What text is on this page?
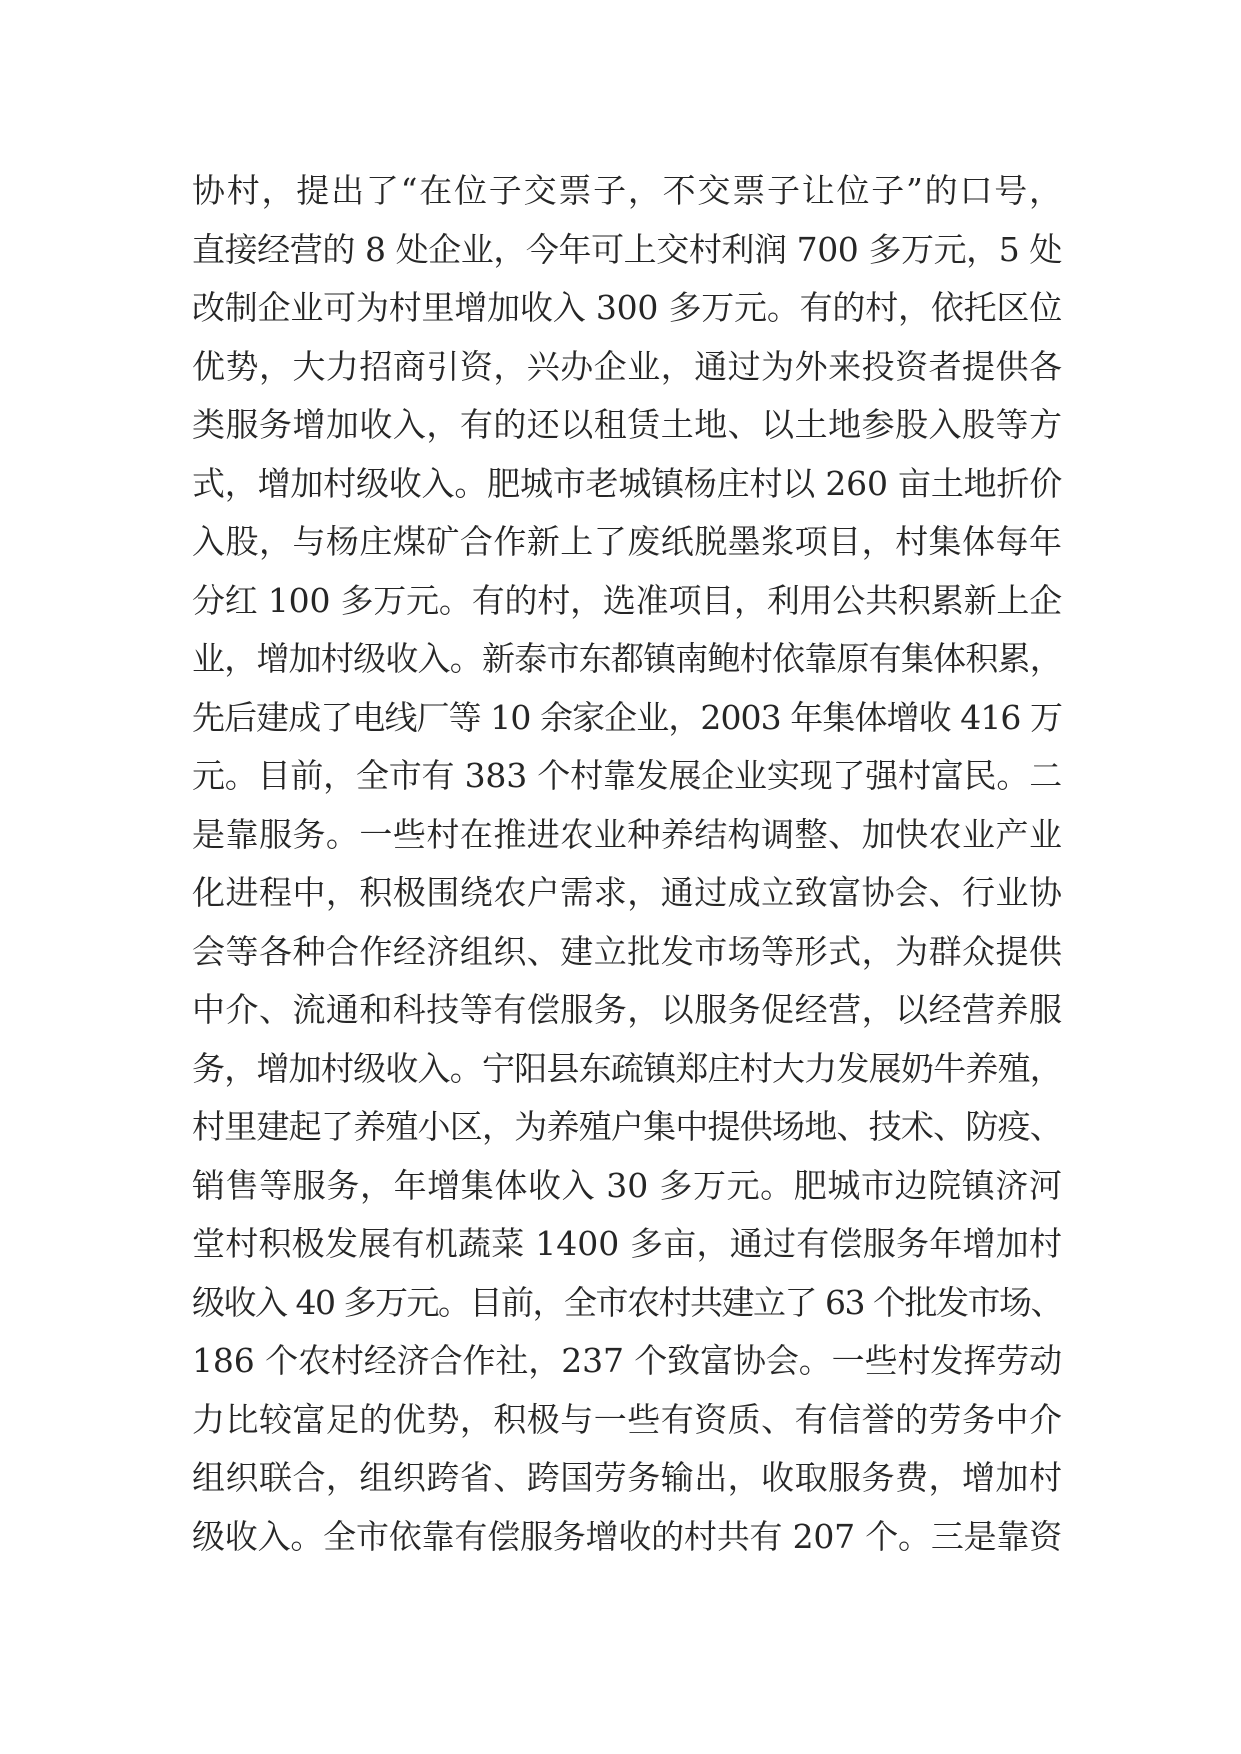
协村，提出了“在位子交票子，不交票子让位子”的口号，
直接经营的 8 处企业，今年可上交村利润 700 多万元，5 处
改制企业可为村里增加收入 300 多万元。有的村，依托区位
优势，大力招商引资，兴办企业，通过为外来投资者提供各
类服务增加收入，有的还以租赁土地、以土地参股入股等方
式，增加村级收入。肥城市老城镇杨庄村以 260 亩土地折价
入股，与杨庄煤矿合作新上了废纸脱墨浆项目，村集体每年
分红 100 多万元。有的村，选准项目，利用公共积累新上企
业，增加村级收入。新泰市东都镇南鲍村依靠原有集体积累，
先后建成了电线厂等 10 余家企业，2003 年集体增收 416 万
元。目前，全市有 383 个村靠发展企业实现了强村富民。二
是靠服务。一些村在推进农业种养结构调整、加快农业产业
化进程中，积极围绕农户需求，通过成立致富协会、行业协
会等各种合作经济组织、建立批发市场等形式，为群众提供
中介、流通和科技等有偿服务，以服务促经营，以经营养服
务，增加村级收入。宁阳县东疏镇郑庄村大力发展奶牛养殖，
村里建起了养殖小区，为养殖户集中提供场地、技术、防疫、
销售等服务，年增集体收入 30 多万元。肥城市边院镇济河
堂村积极发展有机蔬菜 1400 多亩，通过有偿服务年增加村
级收入 40 多万元。目前，全市农村共建立了 63 个批发市场、
186 个农村经济合作社，237 个致富协会。一些村发挥劳动
力比较富足的优势，积极与一些有资质、有信誉的劳务中介
组织联合，组织跨省、跨国劳务输出，收取服务费，增加村
级收入。全市依靠有偿服务增收的村共有 207 个。三是靠资
